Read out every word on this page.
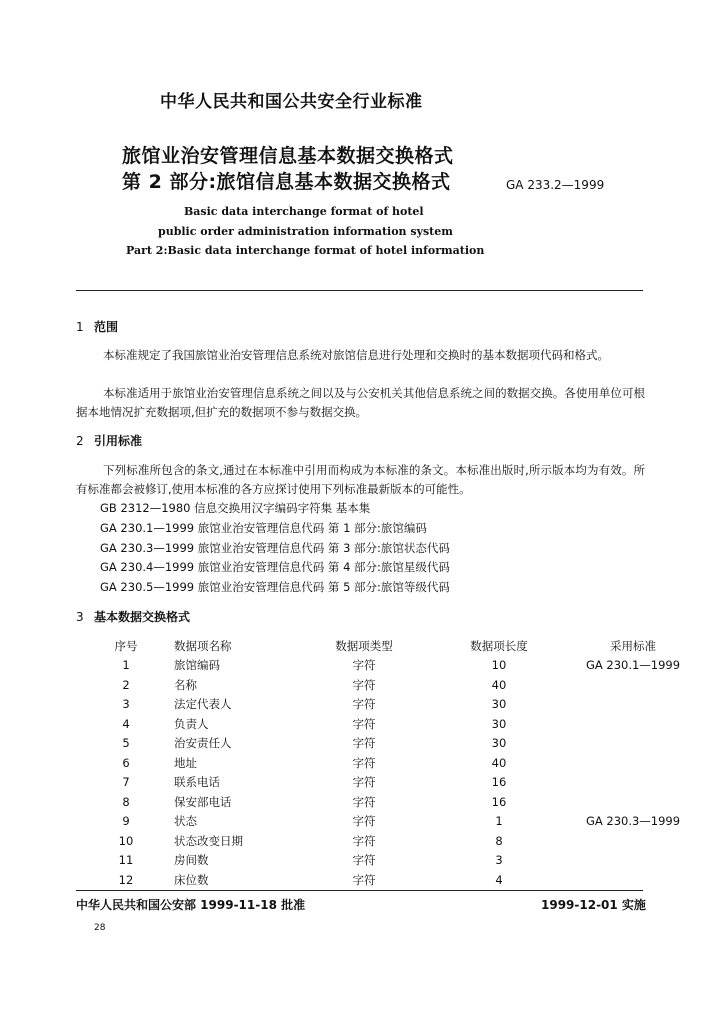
中华人民共和国公共安全行业标准
旅馆业治安管理信息基本数据交换格式
第 2 部分:旅馆信息基本数据交换格式	GA 233.2—1999
Basic data interchange format of hotel
public order administration information system
Part 2:Basic data interchange format of hotel information
1 范围
本标准规定了我国旅馆业治安管理信息系统对旅馆信息进行处理和交换时的基本数据项代码和格式。
本标准适用于旅馆业治安管理信息系统之间以及与公安机关其他信息系统之间的数据交换。各使用单位可根据本地情况扩充数据项,但扩充的数据项不参与数据交换。
2 引用标准
下列标准所包含的条文,通过在本标准中引用而构成为本标准的条文。本标准出版时,所示版本均为有效。所有标准都会被修订,使用本标准的各方应探讨使用下列标准最新版本的可能性。
GB 2312—1980 信息交换用汉字编码字符集 基本集
GA 230.1—1999 旅馆业治安管理信息代码 第 1 部分:旅馆编码
GA 230.3—1999 旅馆业治安管理信息代码 第 3 部分:旅馆状态代码
GA 230.4—1999 旅馆业治安管理信息代码 第 4 部分:旅馆星级代码
GA 230.5—1999 旅馆业治安管理信息代码 第 5 部分:旅馆等级代码
3 基本数据交换格式
序号	数据项名称	数据项类型	数据项长度	采用标准
1	旅馆编码	字符	10	GA 230.1—1999
2	名称	字符	40	
3	法定代表人	字符	30	
4	负责人	字符	30	
5	治安责任人	字符	30	
6	地址	字符	40	
7	联系电话	字符	16	
8	保安部电话	字符	16	
9	状态	字符	1	GA 230.3—1999
10	状态改变日期	字符	8	
11	房间数	字符	3	
12	床位数	字符	4	
中华人民共和国公安部 1999-11-18 批准	1999-12-01 实施
28
